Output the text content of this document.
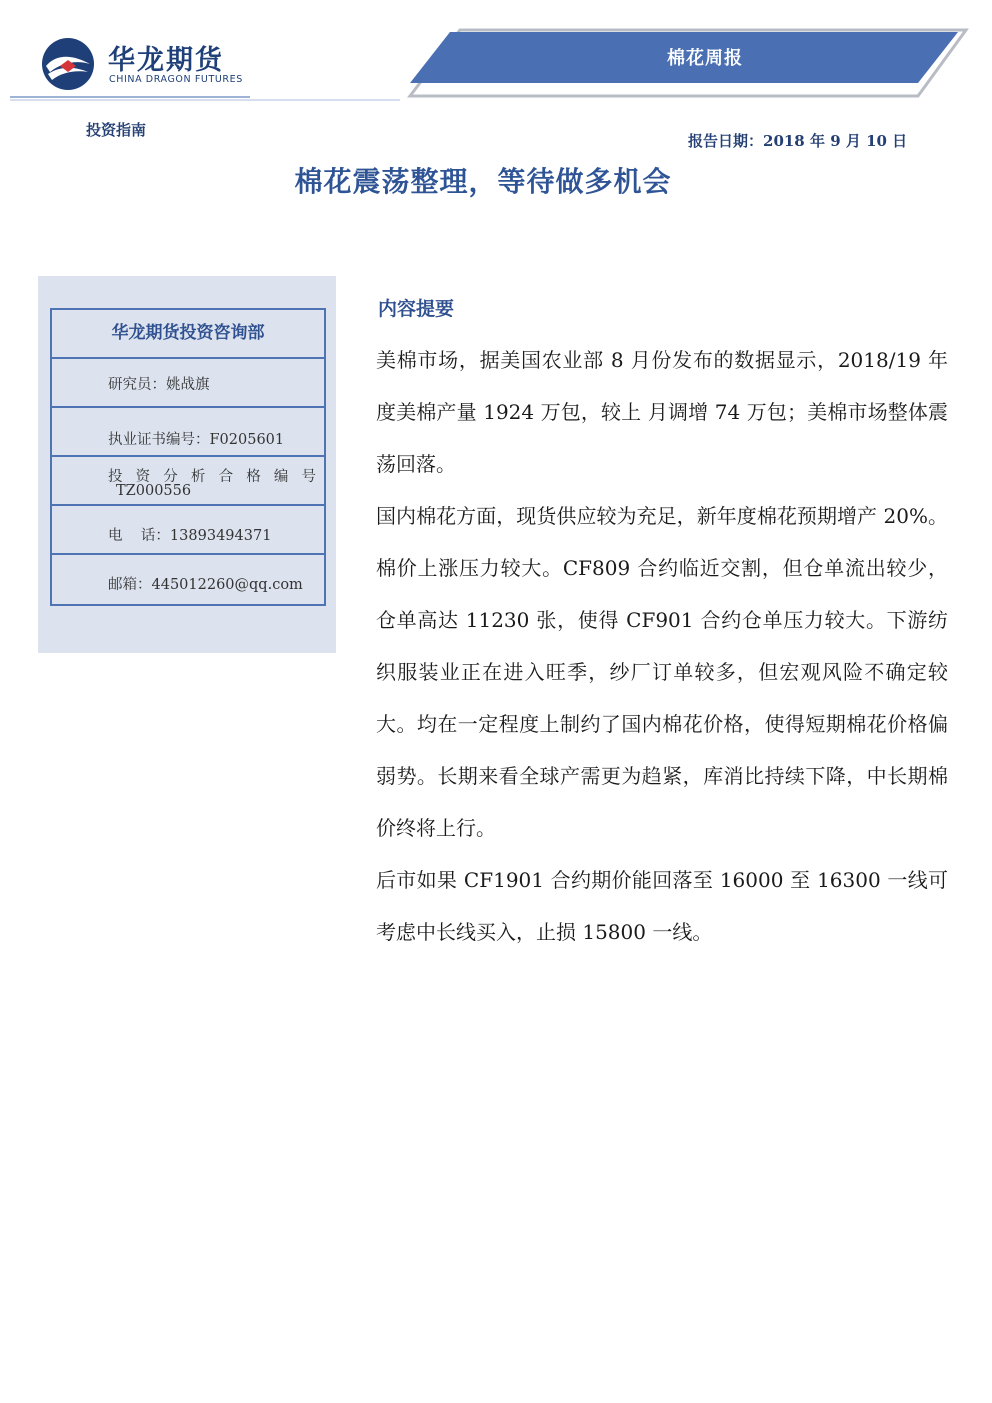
华龙期货
CHINA DRAGON FUTURES
棉花周报
投资指南
报告日期：2018 年 9 月 10 日
棉花震荡整理，等待做多机会
华龙期货投资咨询部
研究员：姚战旗
执业证书编号：F0205601
投 资 分 析 合 格 编 号
TZ000556
电    话：13893494371
邮箱：445012260@qq.com
内容提要

美棉市场，据美国农业部 8 月份发布的数据显示，2018/19 年度美棉产量 1924 万包，较上 月调增 74 万包；美棉市场整体震荡回落。

国内棉花方面，现货供应较为充足，新年度棉花预期增产 20%。棉价上涨压力较大。CF809 合约临近交割，但仓单流出较少，仓单高达 11230 张，使得 CF901 合约仓单压力较大。下游纺织服装业正在进入旺季，纱厂订单较多，但宏观风险不确定较大。均在一定程度上制约了国内棉花价格，使得短期棉花价格偏弱势。长期来看全球产需更为趋紧，库消比持续下降，中长期棉价终将上行。

后市如果 CF1901 合约期价能回落至 16000 至 16300 一线可考虑中长线买入，止损 15800 一线。
